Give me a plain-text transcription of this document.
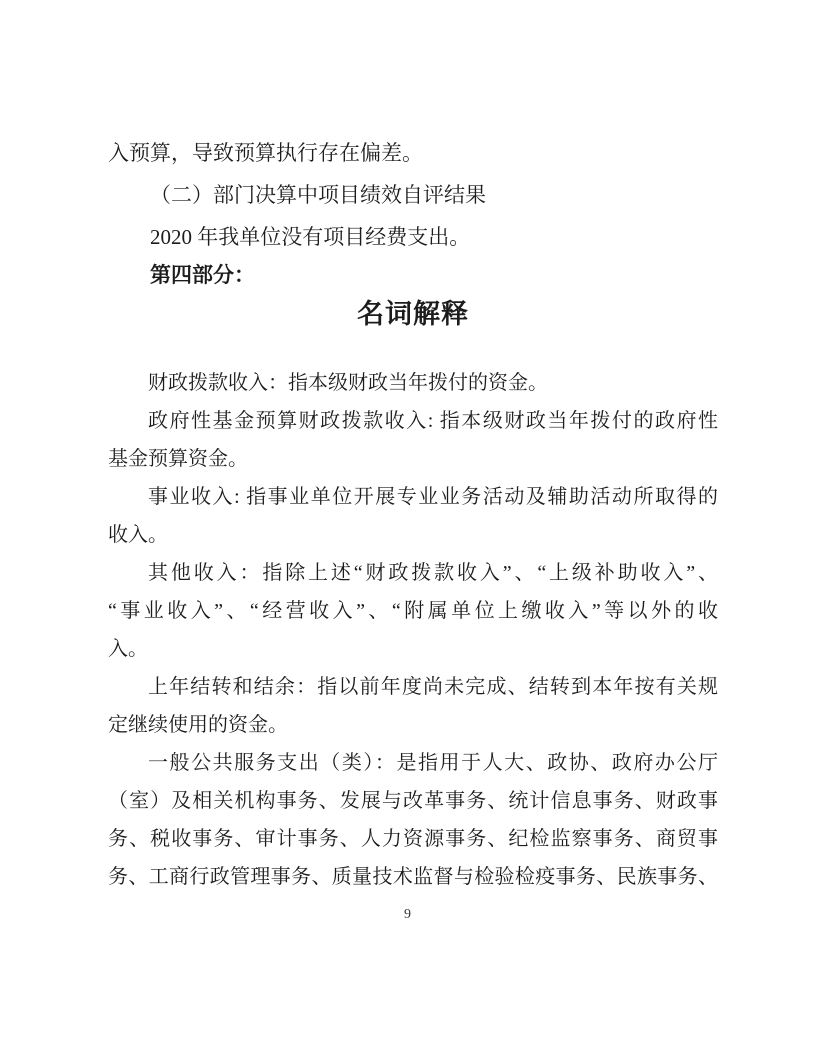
入预算，导致预算执行存在偏差。
（二）部门决算中项目绩效自评结果
2020 年我单位没有项目经费支出。
第四部分：
名词解释
财政拨款收入：指本级财政当年拨付的资金。
政府性基金预算财政拨款收入: 指本级财政当年拨付的政府性
基金预算资金。
事业收入: 指事业单位开展专业业务活动及辅助活动所取得的
收入。
其他收入：指除上述“财政拨款收入”、“上级补助收入”、
“事业收入”、“经营收入”、“附属单位上缴收入”等以外的收
入。
上年结转和结余：指以前年度尚未完成、结转到本年按有关规
定继续使用的资金。
一般公共服务支出（类）：是指用于人大、政协、政府办公厅
（室）及相关机构事务、发展与改革事务、统计信息事务、财政事
务、税收事务、审计事务、人力资源事务、纪检监察事务、商贸事
务、工商行政管理事务、质量技术监督与检验检疫事务、民族事务、
9
